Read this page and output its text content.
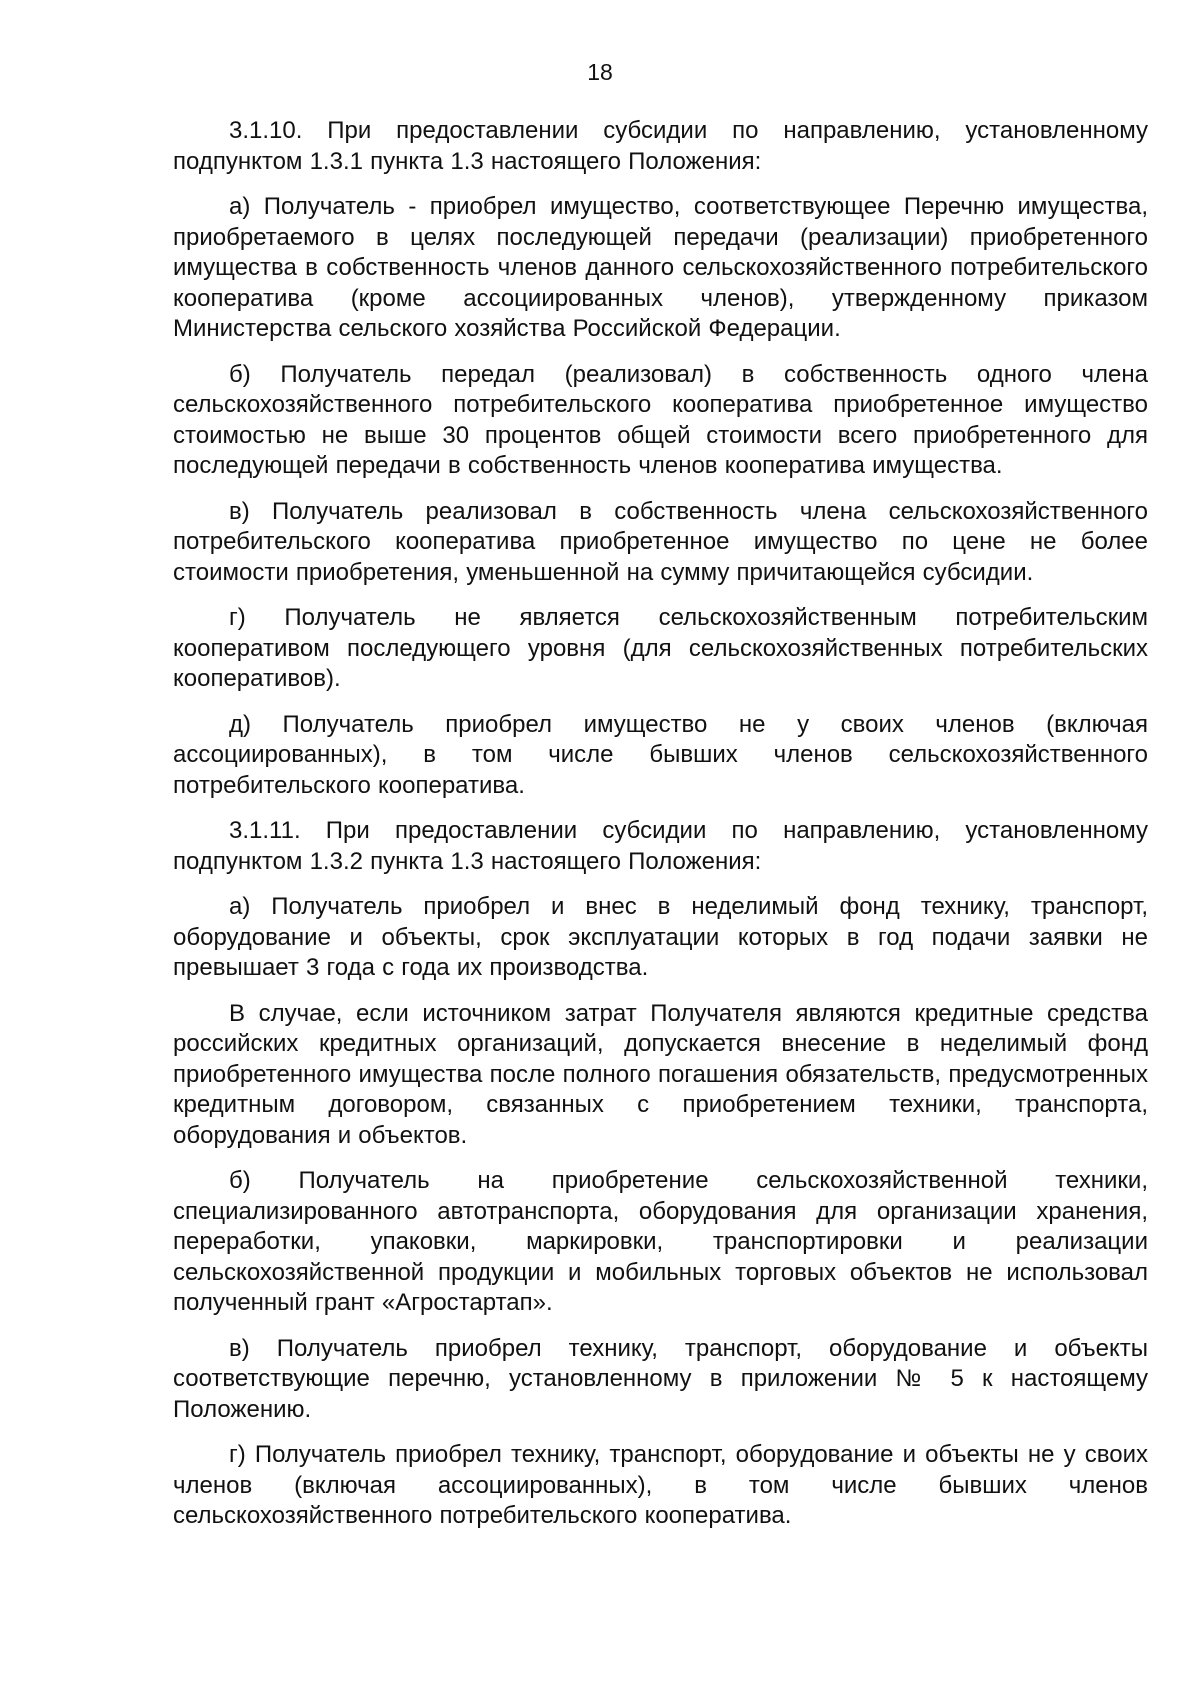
18

3.1.10. При предоставлении субсидии по направлению, установленному подпунктом 1.3.1 пункта 1.3 настоящего Положения:

а) Получатель - приобрел имущество, соответствующее Перечню имущества, приобретаемого в целях последующей передачи (реализации) приобретенного имущества в собственность членов данного сельскохозяйственного потребительского кооператива (кроме ассоциированных членов), утвержденному приказом Министерства сельского хозяйства Российской Федерации.

б) Получатель передал (реализовал) в собственность одного члена сельскохозяйственного потребительского кооператива приобретенное имущество стоимостью не выше 30 процентов общей стоимости всего приобретенного для последующей передачи в собственность членов кооператива имущества.

в) Получатель реализовал в собственность члена сельскохозяйственного потребительского кооператива приобретенное имущество по цене не более стоимости приобретения, уменьшенной на сумму причитающейся субсидии.

г) Получатель не является сельскохозяйственным потребительским кооперативом последующего уровня (для сельскохозяйственных потребительских кооперативов).

д) Получатель приобрел имущество не у своих членов (включая ассоциированных), в том числе бывших членов сельскохозяйственного потребительского кооператива.

3.1.11. При предоставлении субсидии по направлению, установленному подпунктом 1.3.2 пункта 1.3 настоящего Положения:

а) Получатель приобрел и внес в неделимый фонд технику, транспорт, оборудование и объекты, срок эксплуатации которых в год подачи заявки не превышает 3 года с года их производства.

В случае, если источником затрат Получателя являются кредитные средства российских кредитных организаций, допускается внесение в неделимый фонд приобретенного имущества после полного погашения обязательств, предусмотренных кредитным договором, связанных с приобретением техники, транспорта, оборудования и объектов.

б) Получатель на приобретение сельскохозяйственной техники, специализированного автотранспорта, оборудования для организации хранения, переработки, упаковки, маркировки, транспортировки и реализации сельскохозяйственной продукции и мобильных торговых объектов не использовал полученный грант «Агростартап».

в) Получатель приобрел технику, транспорт, оборудование и объекты соответствующие перечню, установленному в приложении № 5 к настоящему Положению.

г) Получатель приобрел технику, транспорт, оборудование и объекты не у своих членов (включая ассоциированных), в том числе бывших членов сельскохозяйственного потребительского кооператива.
